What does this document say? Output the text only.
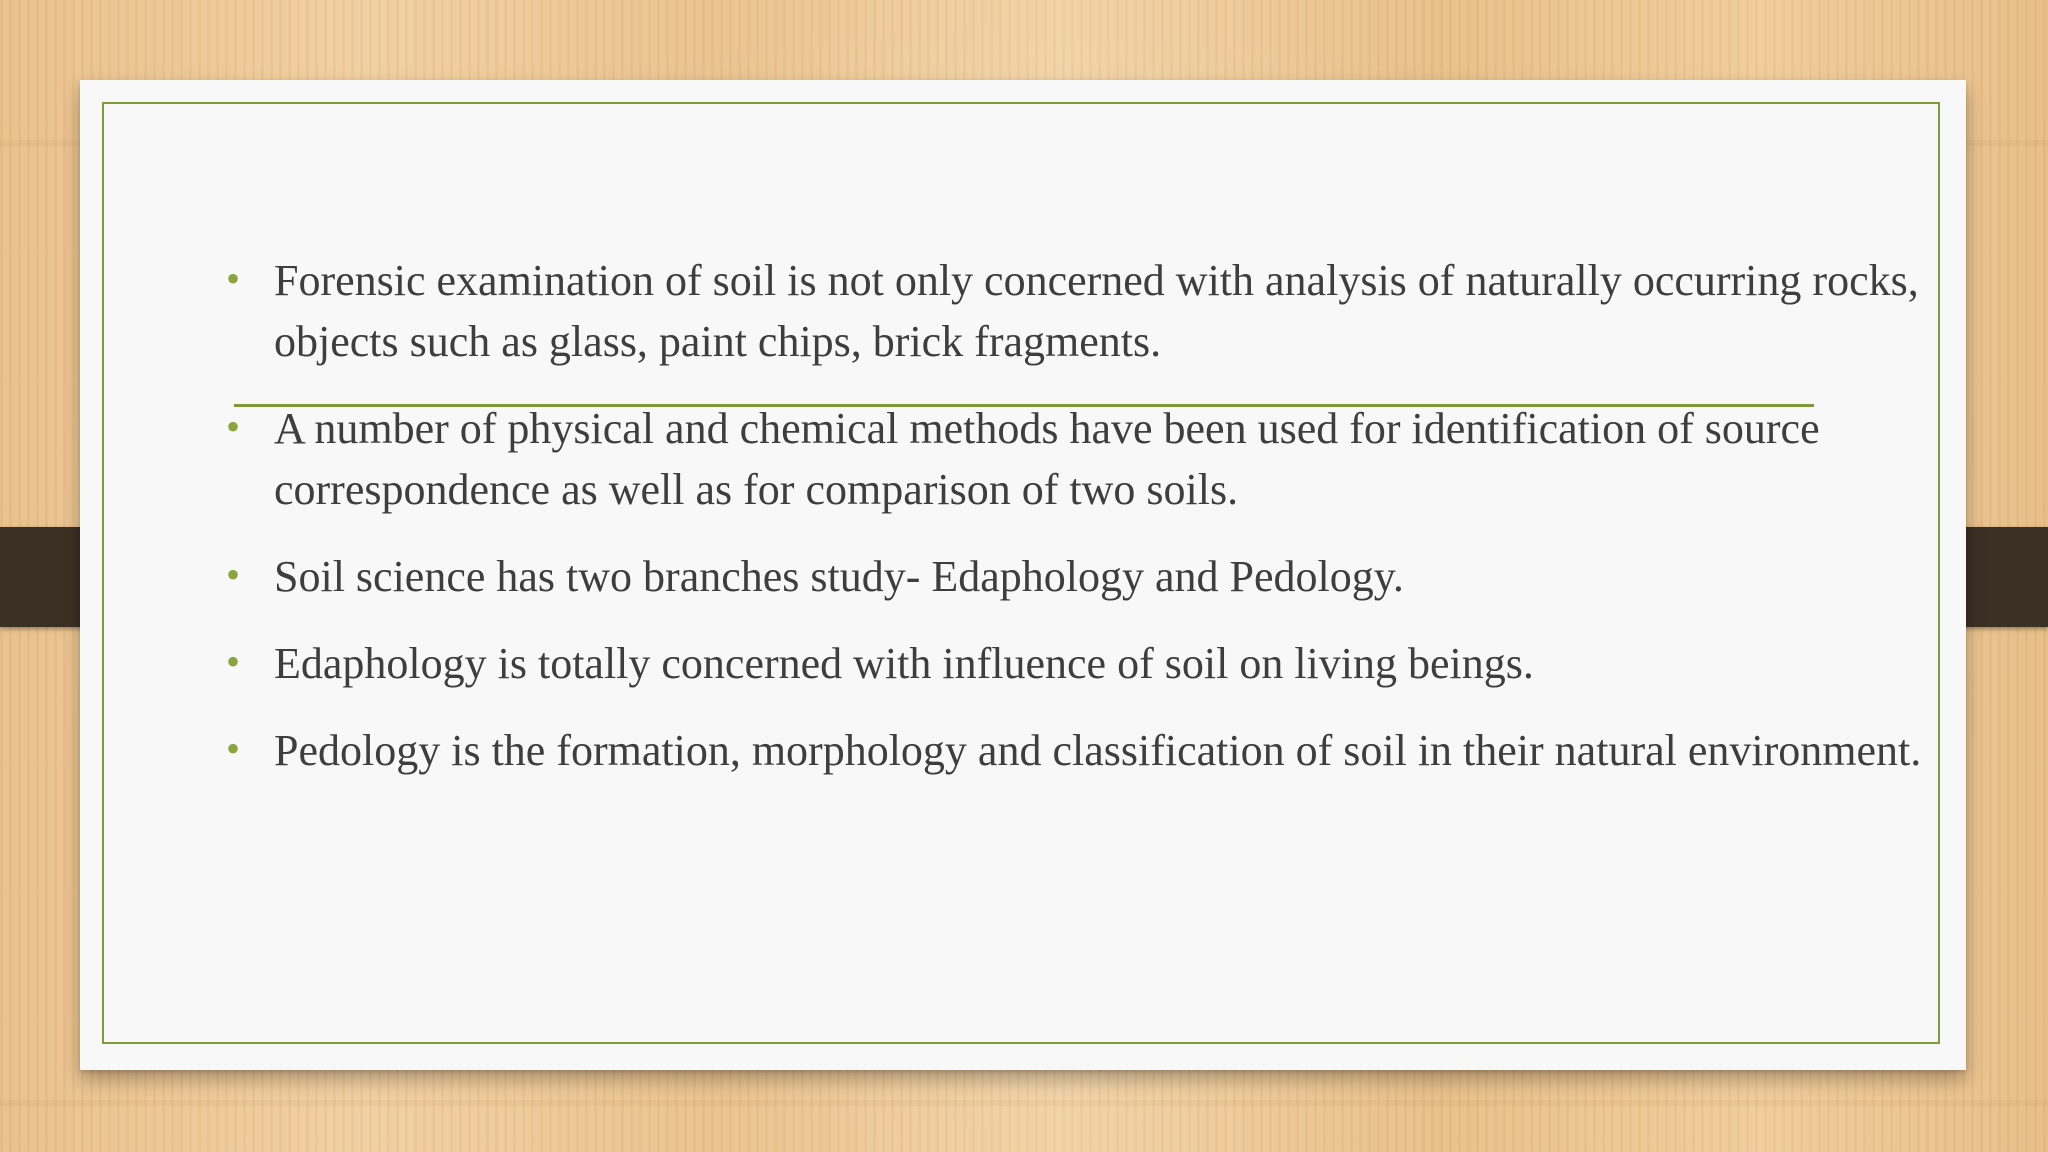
• Forensic examination of soil is not only concerned with analysis of naturally occurring rocks, objects such as glass, paint chips, brick fragments.
• A number of physical and chemical methods have been used for identification of source correspondence as well as for comparison of two soils.
• Soil science has two branches study- Edaphology and Pedology.
• Edaphology is totally concerned with influence of soil on living beings.
• Pedology is the formation, morphology and classification of soil in their natural environment.
